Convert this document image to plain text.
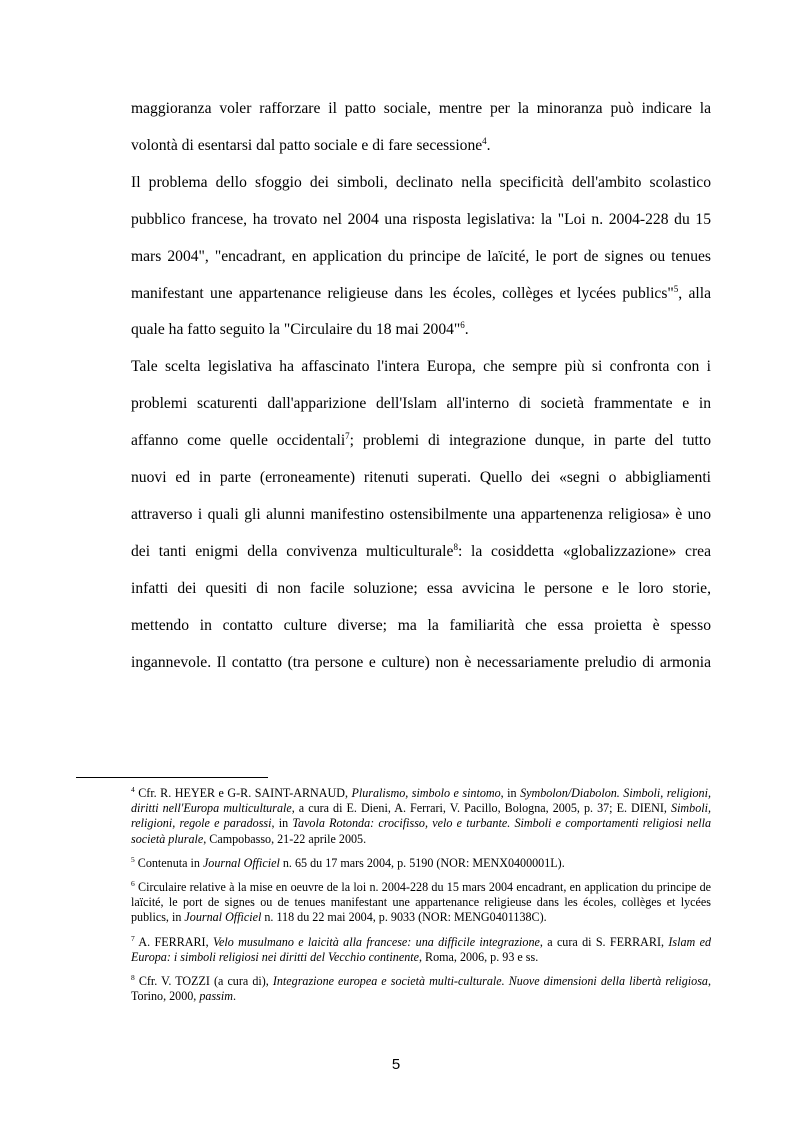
maggioranza voler rafforzare il patto sociale, mentre per la minoranza può indicare la
volontà di esentarsi dal patto sociale e di fare secessione$^4$.

Il problema dello sfoggio dei simboli, declinato nella specificità dell'ambito scolastico
pubblico francese, ha trovato nel 2004 una risposta legislativa: la "Loi n. 2004-228 du 15
mars 2004", "encadrant, en application du principe de laïcité, le port de signes ou tenues
manifestant une appartenance religieuse dans les écoles, collèges et lycées publics"$^5$, alla
quale ha fatto seguito la "Circulaire du 18 mai 2004"$^6$.

Tale scelta legislativa ha affascinato l'intera Europa, che sempre più si confronta con i
problemi scaturenti dall'apparizione dell'Islam all'interno di società frammentate e in
affanno come quelle occidentali$^7$; problemi di integrazione dunque, in parte del tutto
nuovi ed in parte (erroneamente) ritenuti superati. Quello dei «segni o abbigliamenti
attraverso i quali gli alunni manifestino ostensibilmente una appartenenza religiosa» è uno
dei tanti enigmi della convivenza multiculturale$^8$: la cosiddetta «globalizzazione» crea
infatti dei quesiti di non facile soluzione; essa avvicina le persone e le loro storie,
mettendo in contatto culture diverse; ma la familiarità che essa proietta è spesso
ingannevole. Il contatto (tra persone e culture) non è necessariamente preludio di armonia

$^4$ Cfr. R. HEYER e G-R. SAINT-ARNAUD, Pluralismo, simbolo e sintomo, in Symbolon/Diabolon. Simboli, religioni, diritti nell'Europa multiculturale, a cura di E. Dieni, A. Ferrari, V. Pacillo, Bologna, 2005, p. 37; E. DIENI, Simboli, religioni, regole e paradossi, in Tavola Rotonda: crocifisso, velo e turbante. Simboli e comportamenti religiosi nella società plurale, Campobasso, 21-22 aprile 2005.

$^5$ Contenuta in Journal Officiel n. 65 du 17 mars 2004, p. 5190 (NOR: MENX0400001L).

$^6$ Circulaire relative à la mise en oeuvre de la loi n. 2004-228 du 15 mars 2004 encadrant, en application du principe de laïcité, le port de signes ou de tenues manifestant une appartenance religieuse dans les écoles, collèges et lycées publics, in Journal Officiel n. 118 du 22 mai 2004, p. 9033 (NOR: MENG0401138C).

$^7$ A. FERRARI, Velo musulmano e laicità alla francese: una difficile integrazione, a cura di S. FERRARI, Islam ed Europa: i simboli religiosi nei diritti del Vecchio continente, Roma, 2006, p. 93 e ss.

$^8$ Cfr. V. TOZZI (a cura di), Integrazione europea e società multi-culturale. Nuove dimensioni della libertà religiosa, Torino, 2000, passim.

5
